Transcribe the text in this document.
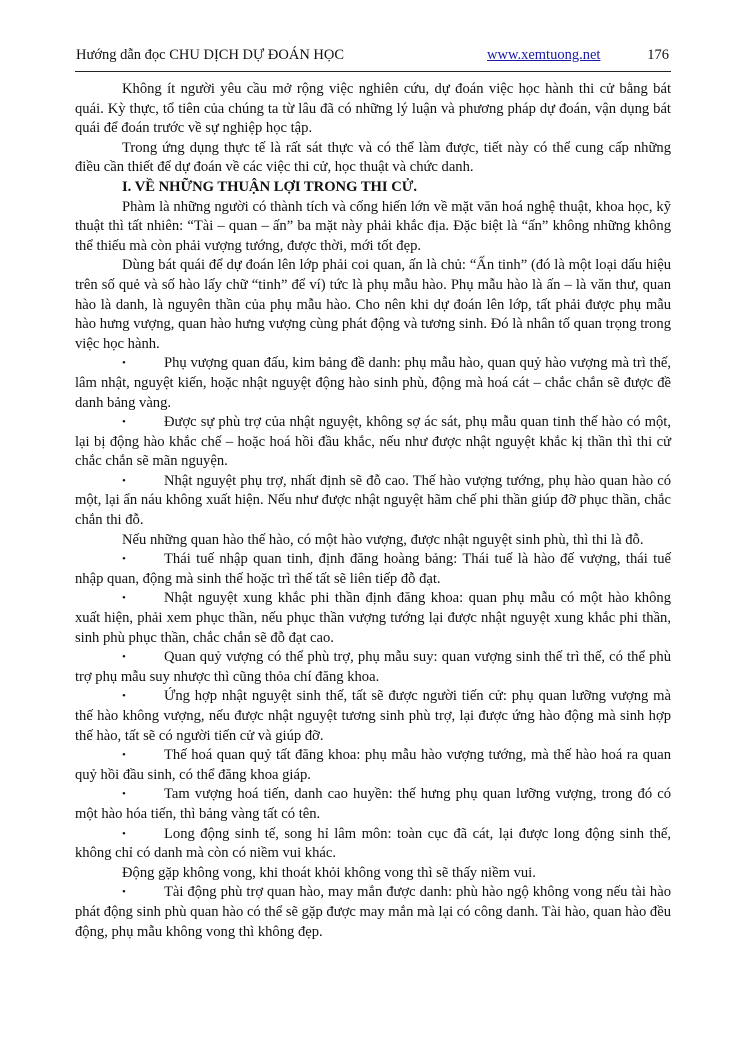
Hướng dẫn đọc CHU DỊCH DỰ ĐOÁN HỌC	www.xemtuong.net	176

Không ít người yêu cầu mở rộng việc nghiên cứu, dự đoán việc học hành thi cử bằng bát quái. Kỳ thực, tổ tiên của chúng ta từ lâu đã có những lý luận và phương pháp dự đoán, vận dụng bát quái để đoán trước về sự nghiệp học tập.

Trong ứng dụng thực tế là rất sát thực và có thể làm được, tiết này có thể cung cấp những điều cần thiết để dự đoán về các việc thi cử, học thuật và chức danh.

I. VỀ NHỮNG THUẬN LỢI TRONG THI CỬ.

Phàm là những người có thành tích và cống hiến lớn về mặt văn hoá nghệ thuật, khoa học, kỹ thuật thì tất nhiên: “Tài – quan – ấn” ba mặt này phải khắc địa. Đặc biệt là “ấn” không những không thể thiếu mà còn phải vượng tướng, được thời, mới tốt đẹp.

Dùng bát quái để dự đoán lên lớp phải coi quan, ấn là chủ: “Ấn tinh” (đó là một loại dấu hiệu trên số quẻ và số hào lấy chữ “tinh” để ví) tức là phụ mẫu hào. Phụ mẫu hào là ấn – là văn thư, quan hào là danh, là nguyên thần của phụ mẫu hào. Cho nên khi dự đoán lên lớp, tất phải được phụ mẫu hào hưng vượng, quan hào hưng vượng cùng phát động và tương sinh. Đó là nhân tố quan trọng trong việc học hành.

•	Phụ vượng quan đấu, kim bảng đề danh: phụ mẫu hào, quan quỷ hào vượng mà trì thế, lâm nhật, nguyệt kiến, hoặc nhật nguyệt động hào sinh phù, động mà hoá cát – chắc chắn sẽ được đề danh bảng vàng.

•	Được sự phù trợ của nhật nguyệt, không sợ ác sát, phụ mẫu quan tinh thế hào có một, lại bị động hào khắc chế – hoặc hoá hồi đầu khắc, nếu như được nhật nguyệt khắc kị thần thì thi cử chắc chắn sẽ mãn nguyện.

•	Nhật nguyệt phụ trợ, nhất định sẽ đỗ cao. Thế hào vượng tướng, phụ hào quan hào có một, lại ẩn náu không xuất hiện. Nếu như được nhật nguyệt hãm chế phi thần giúp đỡ phục thần, chắc chắn thi đỗ.

Nếu những quan hào thế hào, có một hào vượng, được nhật nguyệt sinh phù, thì thi là đỗ.

•	Thái tuế nhập quan tinh, định đăng hoàng bảng: Thái tuế là hào đế vượng, thái tuế nhập quan, động mà sinh thế hoặc trì thế tất sẽ liên tiếp đỗ đạt.

•	Nhật nguyệt xung khắc phi thần định đăng khoa: quan phụ mẫu có một hào không xuất hiện, phải xem phục thần, nếu phục thần vượng tướng lại được nhật nguyệt xung khắc phi thần, sinh phù phục thần, chắc chắn sẽ đỗ đạt cao.

•	Quan quỷ vượng có thể phù trợ, phụ mẫu suy: quan vượng sinh thế trì thế, có thể phù trợ phụ mẫu suy nhược thì cũng thỏa chí đăng khoa.

•	Ứng hợp nhật nguyệt sinh thế, tất sẽ được người tiến cử: phụ quan lưỡng vượng mà thế hào không vượng, nếu được nhật nguyệt tương sinh phù trợ, lại được ứng hào động mà sinh hợp thế hào, tất sẽ có người tiến cử và giúp đỡ.

•	Thế hoá quan quỷ tất đăng khoa: phụ mẫu hào vượng tướng, mà thế hào hoá ra quan quỷ hồi đầu sinh, có thể đăng khoa giáp.

•	Tam vượng hoá tiến, danh cao huyền: thế hưng phụ quan lưỡng vượng, trong đó có một hào hóa tiến, thì bảng vàng tất có tên.

•	Long động sinh tế, song hỉ lâm môn: toàn cục đã cát, lại được long động sinh thế, không chỉ có danh mà còn có niềm vui khác.

Động gặp không vong, khi thoát khỏi không vong thì sẽ thấy niềm vui.

•	Tài động phù trợ quan hào, may mắn được danh: phù hào ngộ không vong nếu tài hào phát động sinh phù quan hào có thể sẽ gặp được may mắn mà lại có công danh. Tài hào, quan hào đều động, phụ mẫu không vong thì không đẹp.
